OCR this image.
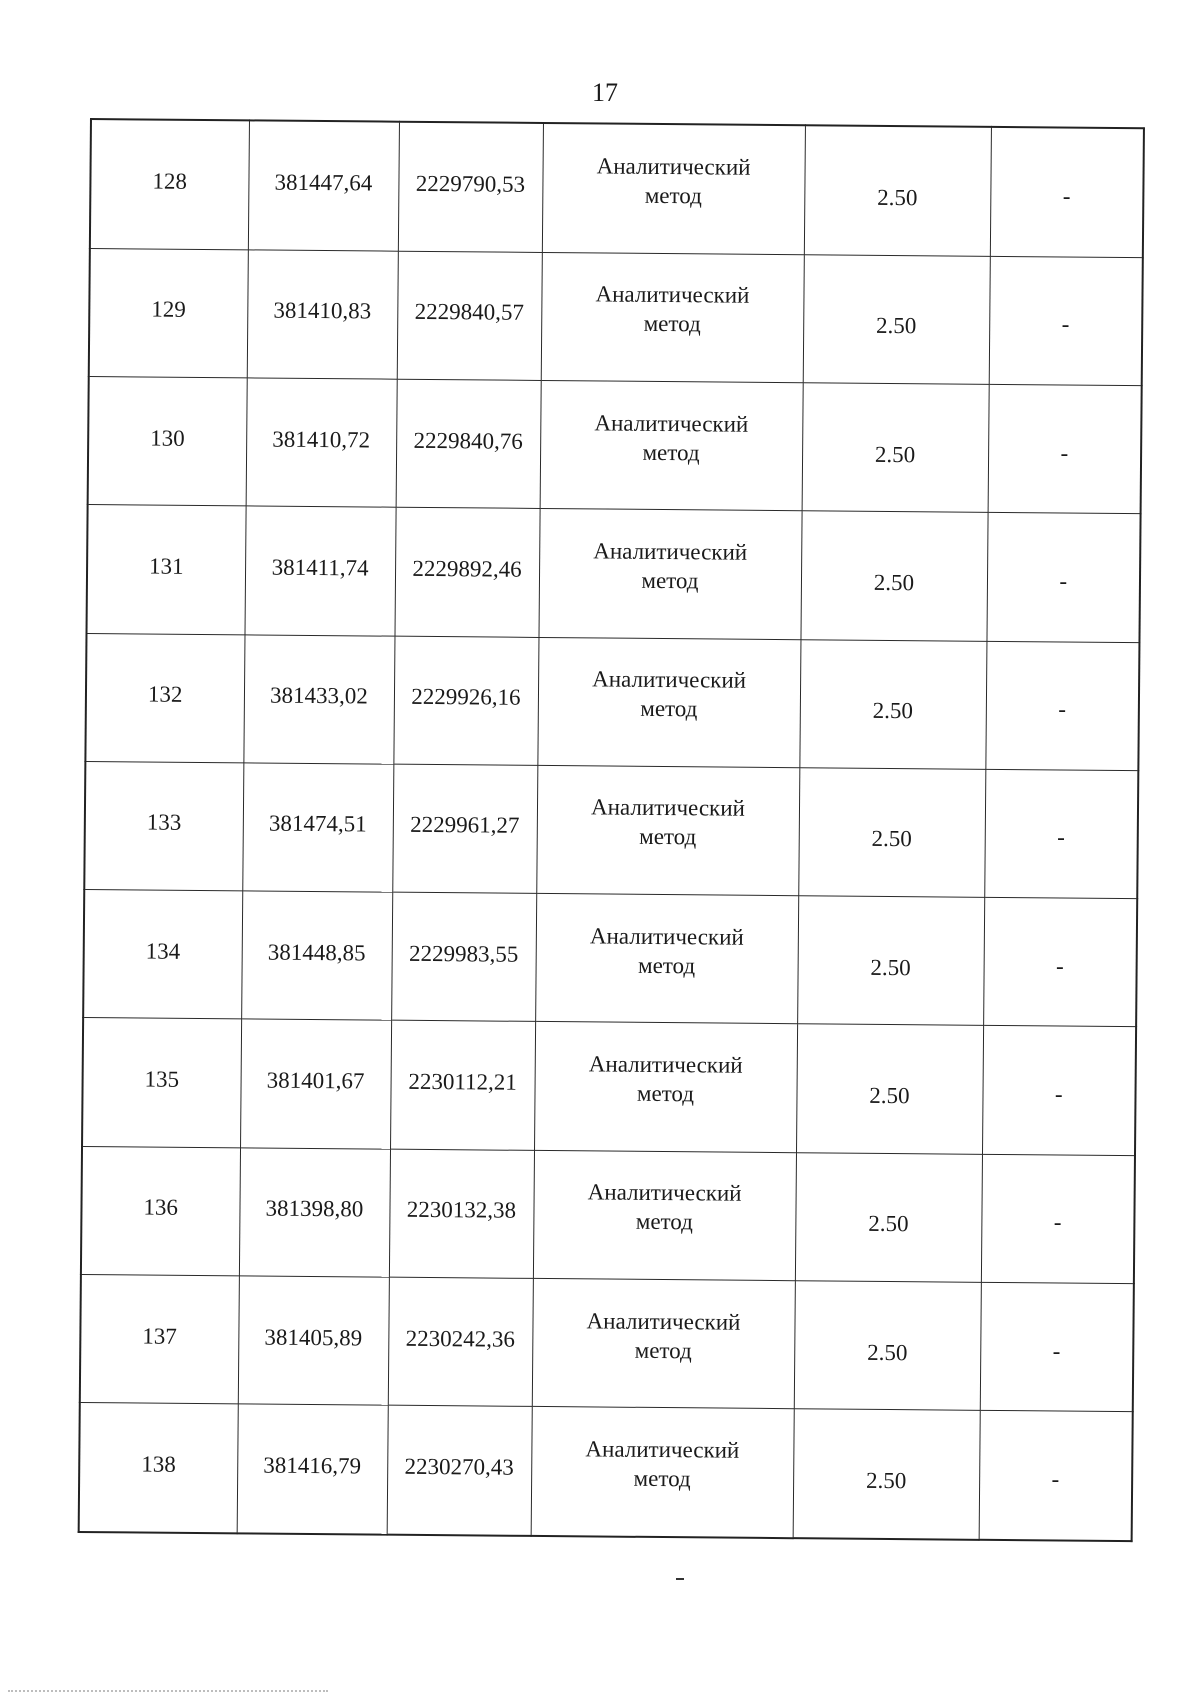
17
128	381447,64	2229790,53	Аналитический
метод	2.50	-
129	381410,83	2229840,57	Аналитический
метод	2.50	-
130	381410,72	2229840,76	Аналитический
метод	2.50	-
131	381411,74	2229892,46	Аналитический
метод	2.50	-
132	381433,02	2229926,16	Аналитический
метод	2.50	-
133	381474,51	2229961,27	Аналитический
метод	2.50	-
134	381448,85	2229983,55	Аналитический
метод	2.50	-
135	381401,67	2230112,21	Аналитический
метод	2.50	-
136	381398,80	2230132,38	Аналитический
метод	2.50	-
137	381405,89	2230242,36	Аналитический
метод	2.50	-
138	381416,79	2230270,43	Аналитический
метод	2.50	-
